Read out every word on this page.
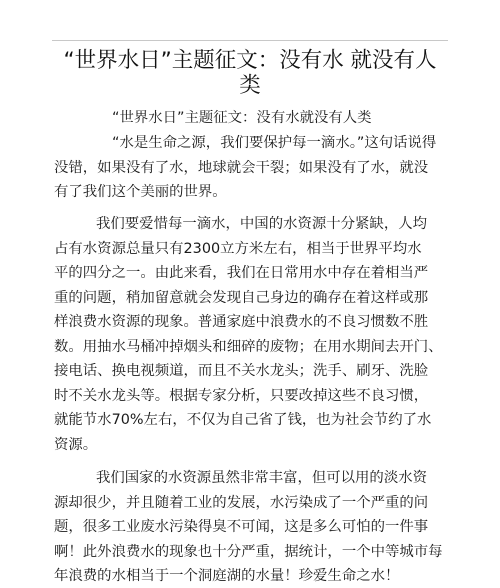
“世界水日”主题征文：没有水 就没有人
类

“世界水日”主题征文：没有水就没有人类

“水是生命之源，我们要保护每一滴水。”这句话说得
没错，如果没有了水，地球就会干裂；如果没有了水，就没
有了我们这个美丽的世界。

我们要爱惜每一滴水，中国的水资源十分紧缺，人均
占有水资源总量只有2300立方米左右，相当于世界平均水
平的四分之一。由此来看，我们在日常用水中存在着相当严
重的问题，稍加留意就会发现自己身边的确存在着这样或那
样浪费水资源的现象。普通家庭中浪费水的不良习惯数不胜
数。用抽水马桶冲掉烟头和细碎的废物；在用水期间去开门、
接电话、换电视频道，而且不关水龙头；洗手、刷牙、洗脸
时不关水龙头等。根据专家分析，只要改掉这些不良习惯，
就能节水70%左右，不仅为自己省了钱，也为社会节约了水
资源。

我们国家的水资源虽然非常丰富，但可以用的淡水资
源却很少，并且随着工业的发展，水污染成了一个严重的问
题，很多工业废水污染得臭不可闻，这是多么可怕的一件事
啊！此外浪费水的现象也十分严重，据统计，一个中等城市每
年浪费的水相当于一个洞庭湖的水量！珍爱生命之水！
